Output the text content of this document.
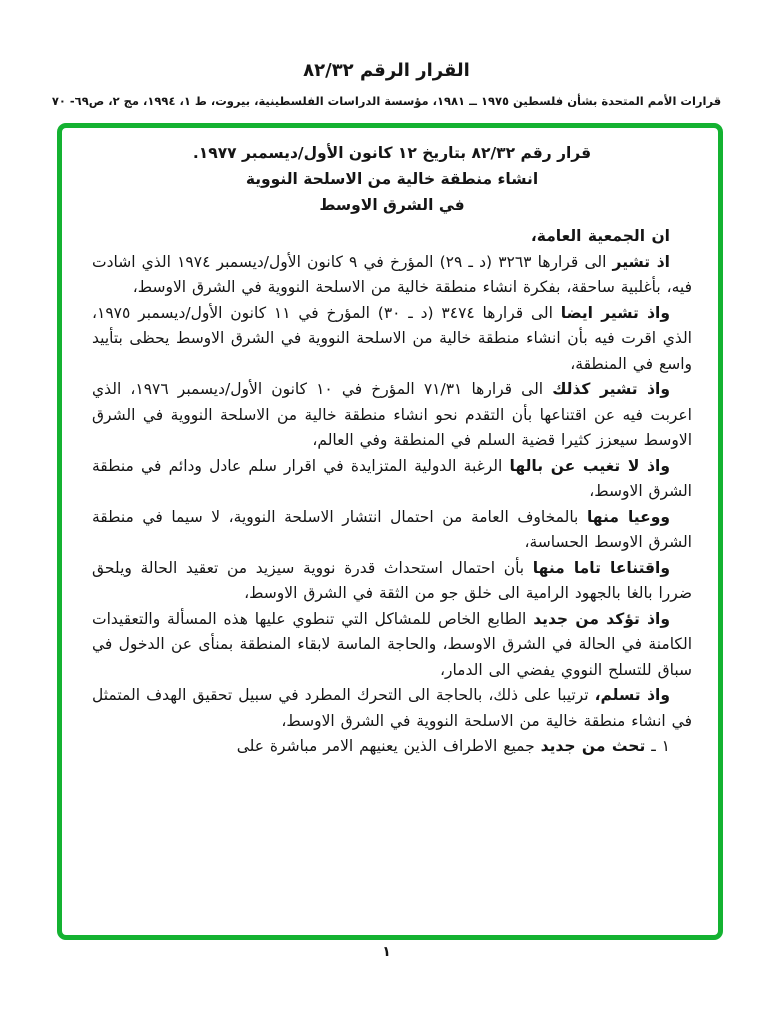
القرار الرقم ٨٢/٣٢
قرارات الأمم المتحدة بشأن فلسطين ١٩٧٥ ــ ١٩٨١، مؤسسة الدراسات الفلسطينية، بيروت، ط ١، ١٩٩٤، مج ٢، ص٦٩- ٧٠

قرار رقم ٨٢/٣٢ بتاريخ ١٢ كانون الأول/ديسمبر ١٩٧٧.

انشاء منطقة خالية من الاسلحة النووية

في الشرق الاوسط

ان الجمعية العامة،

اذ تشير الى قرارها ٣٢٦٣ (د ـ ٢٩) المؤرخ في ٩ كانون الأول/ديسمبر ١٩٧٤ الذي اشادت فيه، بأغلبية ساحقة، بفكرة انشاء منطقة خالية من الاسلحة النووية في الشرق الاوسط،

واذ تشير ايضا الى قرارها ٣٤٧٤ (د ـ ٣٠) المؤرخ في ١١ كانون الأول/ديسمبر ١٩٧٥، الذي اقرت فيه بأن انشاء منطقة خالية من الاسلحة النووية في الشرق الاوسط يحظى بتأييد واسع في المنطقة،

واذ تشير كذلك الى قرارها ٧١/٣١ المؤرخ في ١٠ كانون الأول/ديسمبر ١٩٧٦، الذي اعربت فيه عن اقتناعها بأن التقدم نحو انشاء منطقة خالية من الاسلحة النووية في الشرق الاوسط سيعزز كثيرا قضية السلم في المنطقة وفي العالم،

واذ لا تغيب عن بالها الرغبة الدولية المتزايدة في اقرار سلم عادل ودائم في منطقة الشرق الاوسط،

ووعيا منها بالمخاوف العامة من احتمال انتشار الاسلحة النووية، لا سيما في منطقة الشرق الاوسط الحساسة،

واقتناعا تاما منها بأن احتمال استحداث قدرة نووية سيزيد من تعقيد الحالة ويلحق ضررا بالغا بالجهود الرامية الى خلق جو من الثقة في الشرق الاوسط،

واذ تؤكد من جديد الطابع الخاص للمشاكل التي تنطوي عليها هذه المسألة والتعقيدات الكامنة في الحالة في الشرق الاوسط، والحاجة الماسة لابقاء المنطقة بمنأى عن الدخول في سباق للتسلح النووي يفضي الى الدمار،

واذ تسلم، ترتيبا على ذلك، بالحاجة الى التحرك المطرد في سبيل تحقيق الهدف المتمثل في انشاء منطقة خالية من الاسلحة النووية في الشرق الاوسط،

١ ـ تحث من جديد جميع الاطراف الذين يعنيهم الامر مباشرة على

١
